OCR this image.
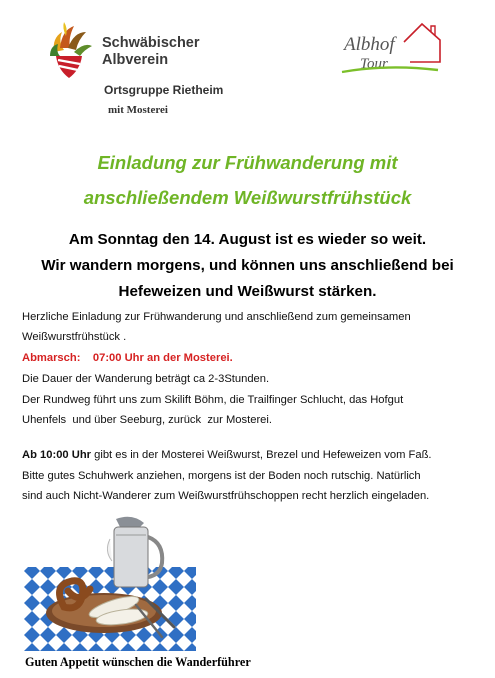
Schwäbischer
Albverein
Ortsgruppe Rietheim
mit Mosterei
Albhof
Tour
Einladung zur Frühwanderung mit
anschließendem Weißwurstfrühstück
Am Sonntag den 14. August ist es wieder so weit.
Wir wandern morgens, und können uns anschließend bei
Hefeweizen und Weißwurst stärken.
Herzliche Einladung zur Frühwanderung und anschließend zum gemeinsamen
Weißwurstfrühstück .
Abmarsch:    07:00 Uhr an der Mosterei.
Die Dauer der Wanderung beträgt ca 2-3Stunden.
Der Rundweg führt uns zum Skilift Böhm, die Trailfinger Schlucht, das Hofgut
Uhenfels  und über Seeburg, zurück  zur Mosterei.
Ab 10:00 Uhr gibt es in der Mosterei Weißwurst, Brezel und Hefeweizen vom Faß.
Bitte gutes Schuhwerk anziehen, morgens ist der Boden noch rutschig. Natürlich
sind auch Nicht-Wanderer zum Weißwurstfrühschoppen recht herzlich eingeladen.
Guten Appetit wünschen die Wanderführer
